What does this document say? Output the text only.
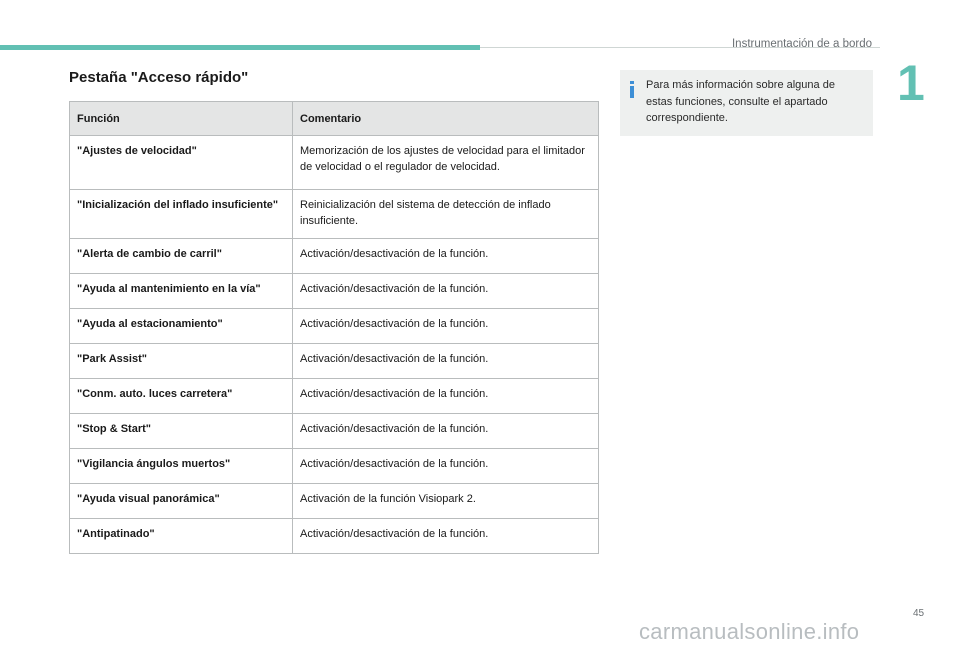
Instrumentación de a bordo
1
Pestaña "Acceso rápido"
Función	Comentario
"Ajustes de velocidad"	Memorización de los ajustes de velocidad para el limitador de velocidad o el regulador de velocidad.
"Inicialización del inflado insuficiente"	Reinicialización del sistema de detección de inflado insuficiente.
"Alerta de cambio de carril"	Activación/desactivación de la función.
"Ayuda al mantenimiento en la vía"	Activación/desactivación de la función.
"Ayuda al estacionamiento"	Activación/desactivación de la función.
"Park Assist"	Activación/desactivación de la función.
"Conm. auto. luces carretera"	Activación/desactivación de la función.
"Stop & Start"	Activación/desactivación de la función.
"Vigilancia ángulos muertos"	Activación/desactivación de la función.
"Ayuda visual panorámica"	Activación de la función Visiopark 2.
"Antipatinado"	Activación/desactivación de la función.
Para más información sobre alguna de estas funciones, consulte el apartado correspondiente.
45
carmanualsonline.info
